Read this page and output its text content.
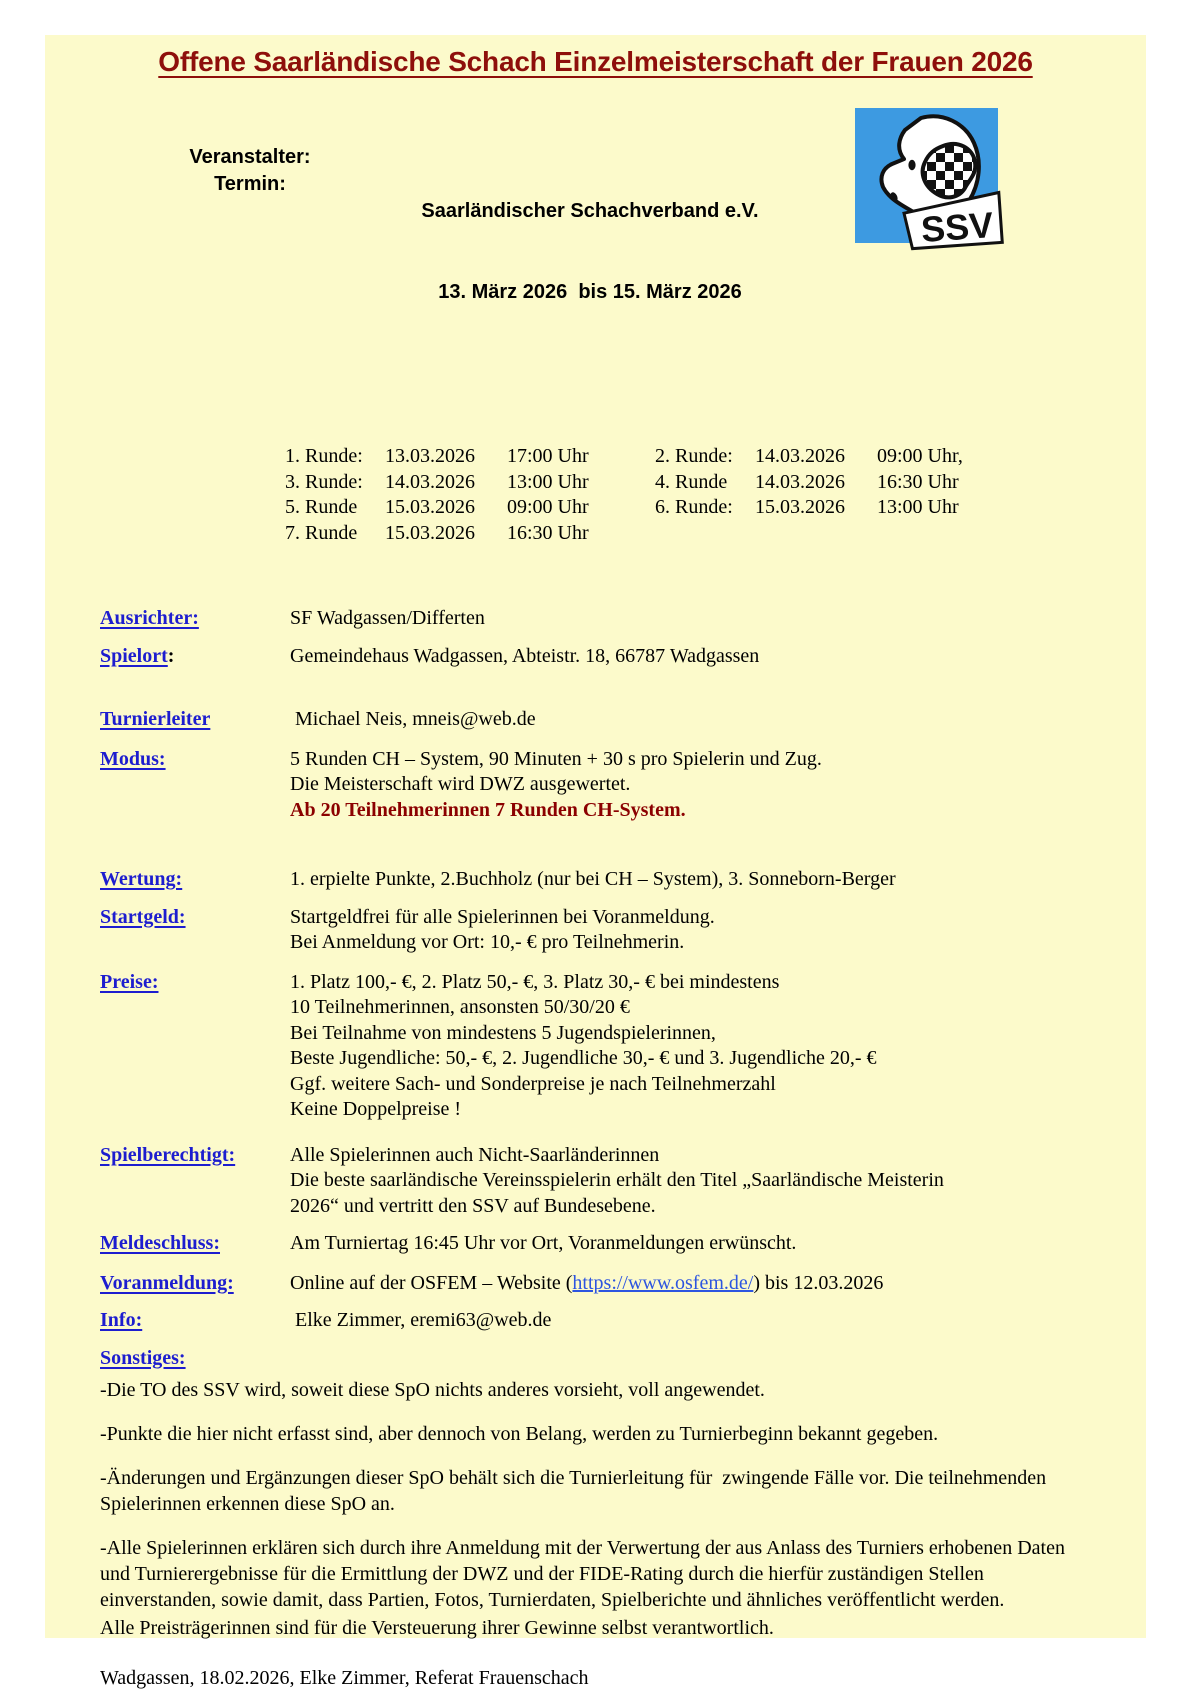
Offene Saarländische Schach Einzelmeisterschaft der Frauen 2026
Veranstalter:
Termin:

Saarländischer Schachverband e.V.

13. März 2026  bis 15. März 2026

SSV
1. Runde:	13.03.2026	17:00 Uhr	2. Runde:	14.03.2026	09:00 Uhr,
3. Runde:	14.03.2026	13:00 Uhr	4. Runde	14.03.2026	16:30 Uhr
5. Runde	15.03.2026	09:00 Uhr	6. Runde:	15.03.2026	13:00 Uhr
7. Runde	15.03.2026	16:30 Uhr
Ausrichter:	SF Wadgassen/Differten
Spielort:	Gemeindehaus Wadgassen, Abteistr. 18, 66787 Wadgassen
Turnierleiter	Michael Neis, mneis@web.de
Modus:	5 Runden CH – System, 90 Minuten + 30 s pro Spielerin und Zug.
Die Meisterschaft wird DWZ ausgewertet.
Ab 20 Teilnehmerinnen 7 Runden CH-System.
Wertung:	1. erpielte Punkte, 2.Buchholz (nur bei CH – System), 3. Sonneborn-Berger
Startgeld:	Startgeldfrei für alle Spielerinnen bei Voranmeldung.
Bei Anmeldung vor Ort: 10,- € pro Teilnehmerin.
Preise:	1. Platz 100,- €, 2. Platz 50,- €, 3. Platz 30,- € bei mindestens
10 Teilnehmerinnen, ansonsten 50/30/20 €
Bei Teilnahme von mindestens 5 Jugendspielerinnen,
Beste Jugendliche: 50,- €, 2. Jugendliche 30,- € und 3. Jugendliche 20,- €
Ggf. weitere Sach- und Sonderpreise je nach Teilnehmerzahl
Keine Doppelpreise !
Spielberechtigt:	Alle Spielerinnen auch Nicht-Saarländerinnen
Die beste saarländische Vereinsspielerin erhält den Titel „Saarländische Meisterin
2026“ und vertritt den SSV auf Bundesebene.
Meldeschluss:	Am Turniertag 16:45 Uhr vor Ort, Voranmeldungen erwünscht.
Voranmeldung:	Online auf der OSFEM – Website (https://www.osfem.de/) bis 12.03.2026
Info:	Elke Zimmer, eremi63@web.de
Sonstiges:

-Die TO des SSV wird, soweit diese SpO nichts anderes vorsieht, voll angewendet.

-Punkte die hier nicht erfasst sind, aber dennoch von Belang, werden zu Turnierbeginn bekannt gegeben.

-Änderungen und Ergänzungen dieser SpO behält sich die Turnierleitung für  zwingende Fälle vor. Die teilnehmenden Spielerinnen erkennen diese SpO an.

-Alle Spielerinnen erklären sich durch ihre Anmeldung mit der Verwertung der aus Anlass des Turniers erhobenen Daten und Turnierergebnisse für die Ermittlung der DWZ und der FIDE-Rating durch die hierfür zuständigen Stellen einverstanden, sowie damit, dass Partien, Fotos, Turnierdaten, Spielberichte und ähnliches veröffentlicht werden.

Alle Preisträgerinnen sind für die Versteuerung ihrer Gewinne selbst verantwortlich.

Wadgassen, 18.02.2026, Elke Zimmer, Referat Frauenschach
